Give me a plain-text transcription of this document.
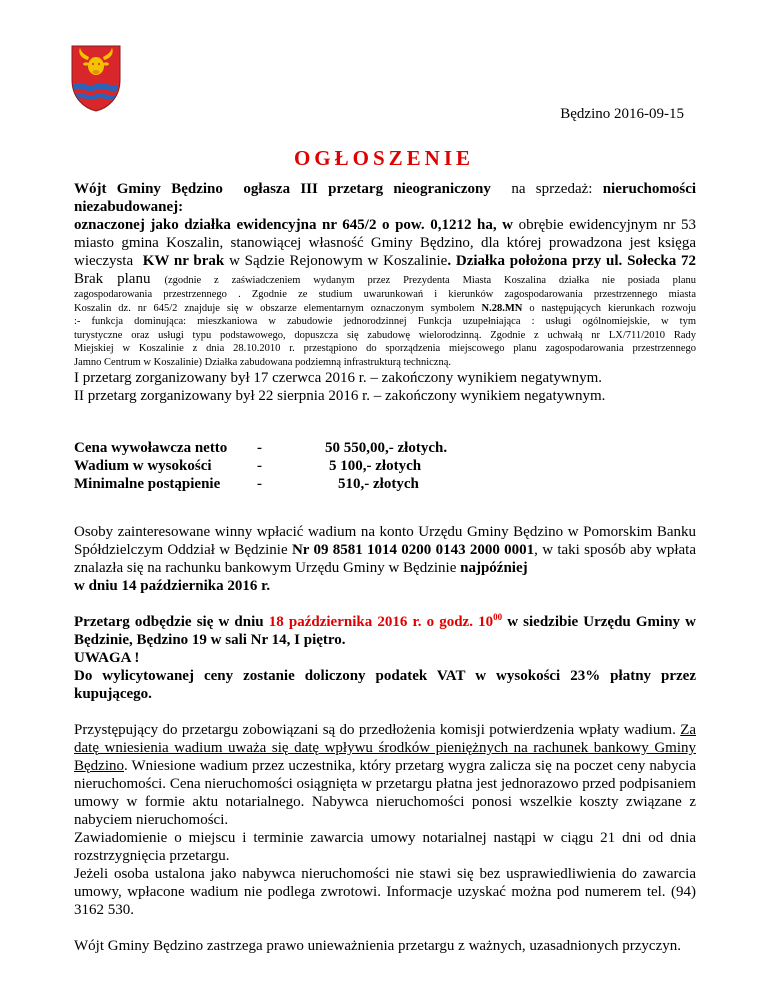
Będzino 2016-09-15
OGŁOSZENIE

Wójt Gminy Będzino ogłasza III przetarg nieograniczony na sprzedaż: nieruchomości

niezabudowanej:

oznaczonej jako działka ewidencyjna nr 645/2 o pow. 0,1212 ha, w obrębie ewidencyjnym nr 53

miasto gmina Koszalin, stanowiącej własność Gminy Będzino, dla której prowadzona jest księga

wieczysta KW nr brak w Sądzie Rejonowym w Koszalinie. Działka położona przy ul. Sołecka 72

Brak planu (zgodnie z zaświadczeniem wydanym przez Prezydenta Miasta Koszalina działka nie posiada planu

zagospodarowania przestrzennego . Zgodnie ze studium uwarunkowań i kierunków zagospodarowania przestrzennego miasta

Koszalin dz. nr 645/2 znajduje się w obszarze elementarnym oznaczonym symbolem N.28.MN o następujących kierunkach rozwoju

:- funkcja dominująca: mieszkaniowa w zabudowie jednorodzinnej Funkcja uzupełniająca : usługi ogólnomiejskie, w tym

turystyczne oraz usługi typu podstawowego, dopuszcza się zabudowę wielorodzinną. Zgodnie z uchwałą nr LX/711/2010 Rady

Miejskiej w Koszalinie z dnia 28.10.2010 r. przestąpiono do sporządzenia miejscowego planu zagospodarowania przestrzennego

Jamno Centrum w Koszalinie) Działka zabudowana podziemną infrastrukturą techniczną.

I przetarg zorganizowany był 17 czerwca 2016 r. – zakończony wynikiem negatywnym.

II przetarg zorganizowany był 22 sierpnia 2016 r. – zakończony wynikiem negatywnym.

Cena wywoławcza netto	-	50 550,00,- złotych.
Wadium w wysokości	-	5 100,- złotych
Minimalne postąpienie	-	510,- złotych

Osoby zainteresowane winny wpłacić wadium na konto Urzędu Gminy Będzino w Pomorskim Banku Spółdzielczym Oddział w Będzinie Nr 09 8581 1014 0200 0143 2000 0001, w taki sposób aby wpłata znalazła się na rachunku bankowym Urzędu Gminy w Będzinie najpóźniej
w dniu 14 października 2016 r.

Przetarg odbędzie się w dniu 18 października 2016 r. o godz. $10^{00}$ w siedzibie Urzędu Gminy w Będzinie, Będzino 19 w sali Nr 14, I piętro.

UWAGA !

Do wylicytowanej ceny zostanie doliczony podatek VAT w wysokości 23% płatny przez kupującego.

Przystępujący do przetargu zobowiązani są do przedłożenia komisji potwierdzenia wpłaty wadium. Za datę wniesienia wadium uważa się datę wpływu środków pieniężnych na rachunek bankowy Gminy Będzino. Wniesione wadium przez uczestnika, który przetarg wygra zalicza się na poczet ceny nabycia nieruchomości. Cena nieruchomości osiągnięta w przetargu płatna jest jednorazowo przed podpisaniem umowy w formie aktu notarialnego. Nabywca nieruchomości ponosi wszelkie koszty związane z nabyciem nieruchomości.

Zawiadomienie o miejscu i terminie zawarcia umowy notarialnej nastąpi w ciągu 21 dni od dnia rozstrzygnięcia przetargu.

Jeżeli osoba ustalona jako nabywca nieruchomości nie stawi się bez usprawiedliwienia do zawarcia umowy, wpłacone wadium nie podlega zwrotowi. Informacje uzyskać można pod numerem tel. (94) 3162 530.

Wójt Gminy Będzino zastrzega prawo unieważnienia przetargu z ważnych, uzasadnionych przyczyn.
